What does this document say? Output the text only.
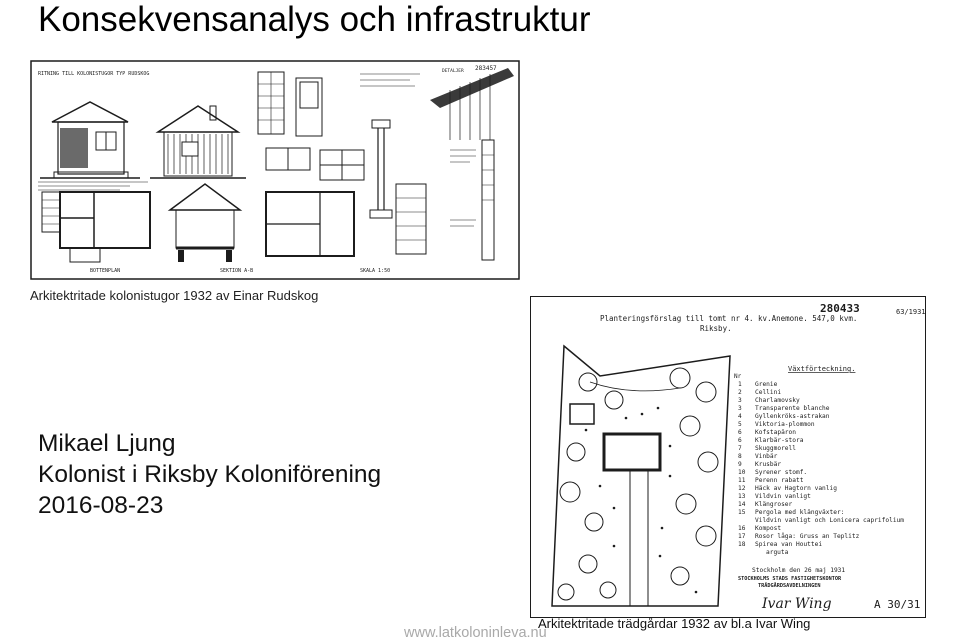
Konsekvensanalys och infrastruktur
RITNING TILL KOLONISTUGOR TYP RUDSKOG
283457
DETALJER
BOTTENPLAN	SEKTION A-B	SKALA 1:50
Arkitektritade kolonistugor 1932 av Einar Rudskog
Planteringsförslag till tomt nr 4. kv.Anemone. 547,0 kvm.
Riksby.
280433	63/1931
Växtförteckning.
Nr
1 Grenie
2 Cellini
3 Charlamovsky
3 Transparente blanche
4 Gyllenkröks-astrakan
5 Viktoria-plommon
6 Kofstapäron
6 Klarbär-stora
7 Skuggmorell
8 Vinbär
9 Krusbär
10 Syrener stomf.
11 Perenn rabatt
12 Häck av Hagtorn vanlig
13 Vildvin vanligt
14 Klängroser
15 Pergola med klängväxter:
Vildvin vanligt och Lonicera caprifolium
16 Kompost
17 Rosor låga: Gruss an Teplitz
18 Spirea van Houttei
arguta
Stockholm den 26 maj 1931
STOCKHOLMS STADS FASTIGHETSKONTOR
TRÄDGÅRDSAVDELNINGEN
Ivar Wing	A 30/31
Mikael Ljung
Kolonist i Riksby Koloniförening
2016-08-23
www.latkoloninleva.nu
Arkitektritade trädgårdar 1932 av bl.a Ivar Wing
